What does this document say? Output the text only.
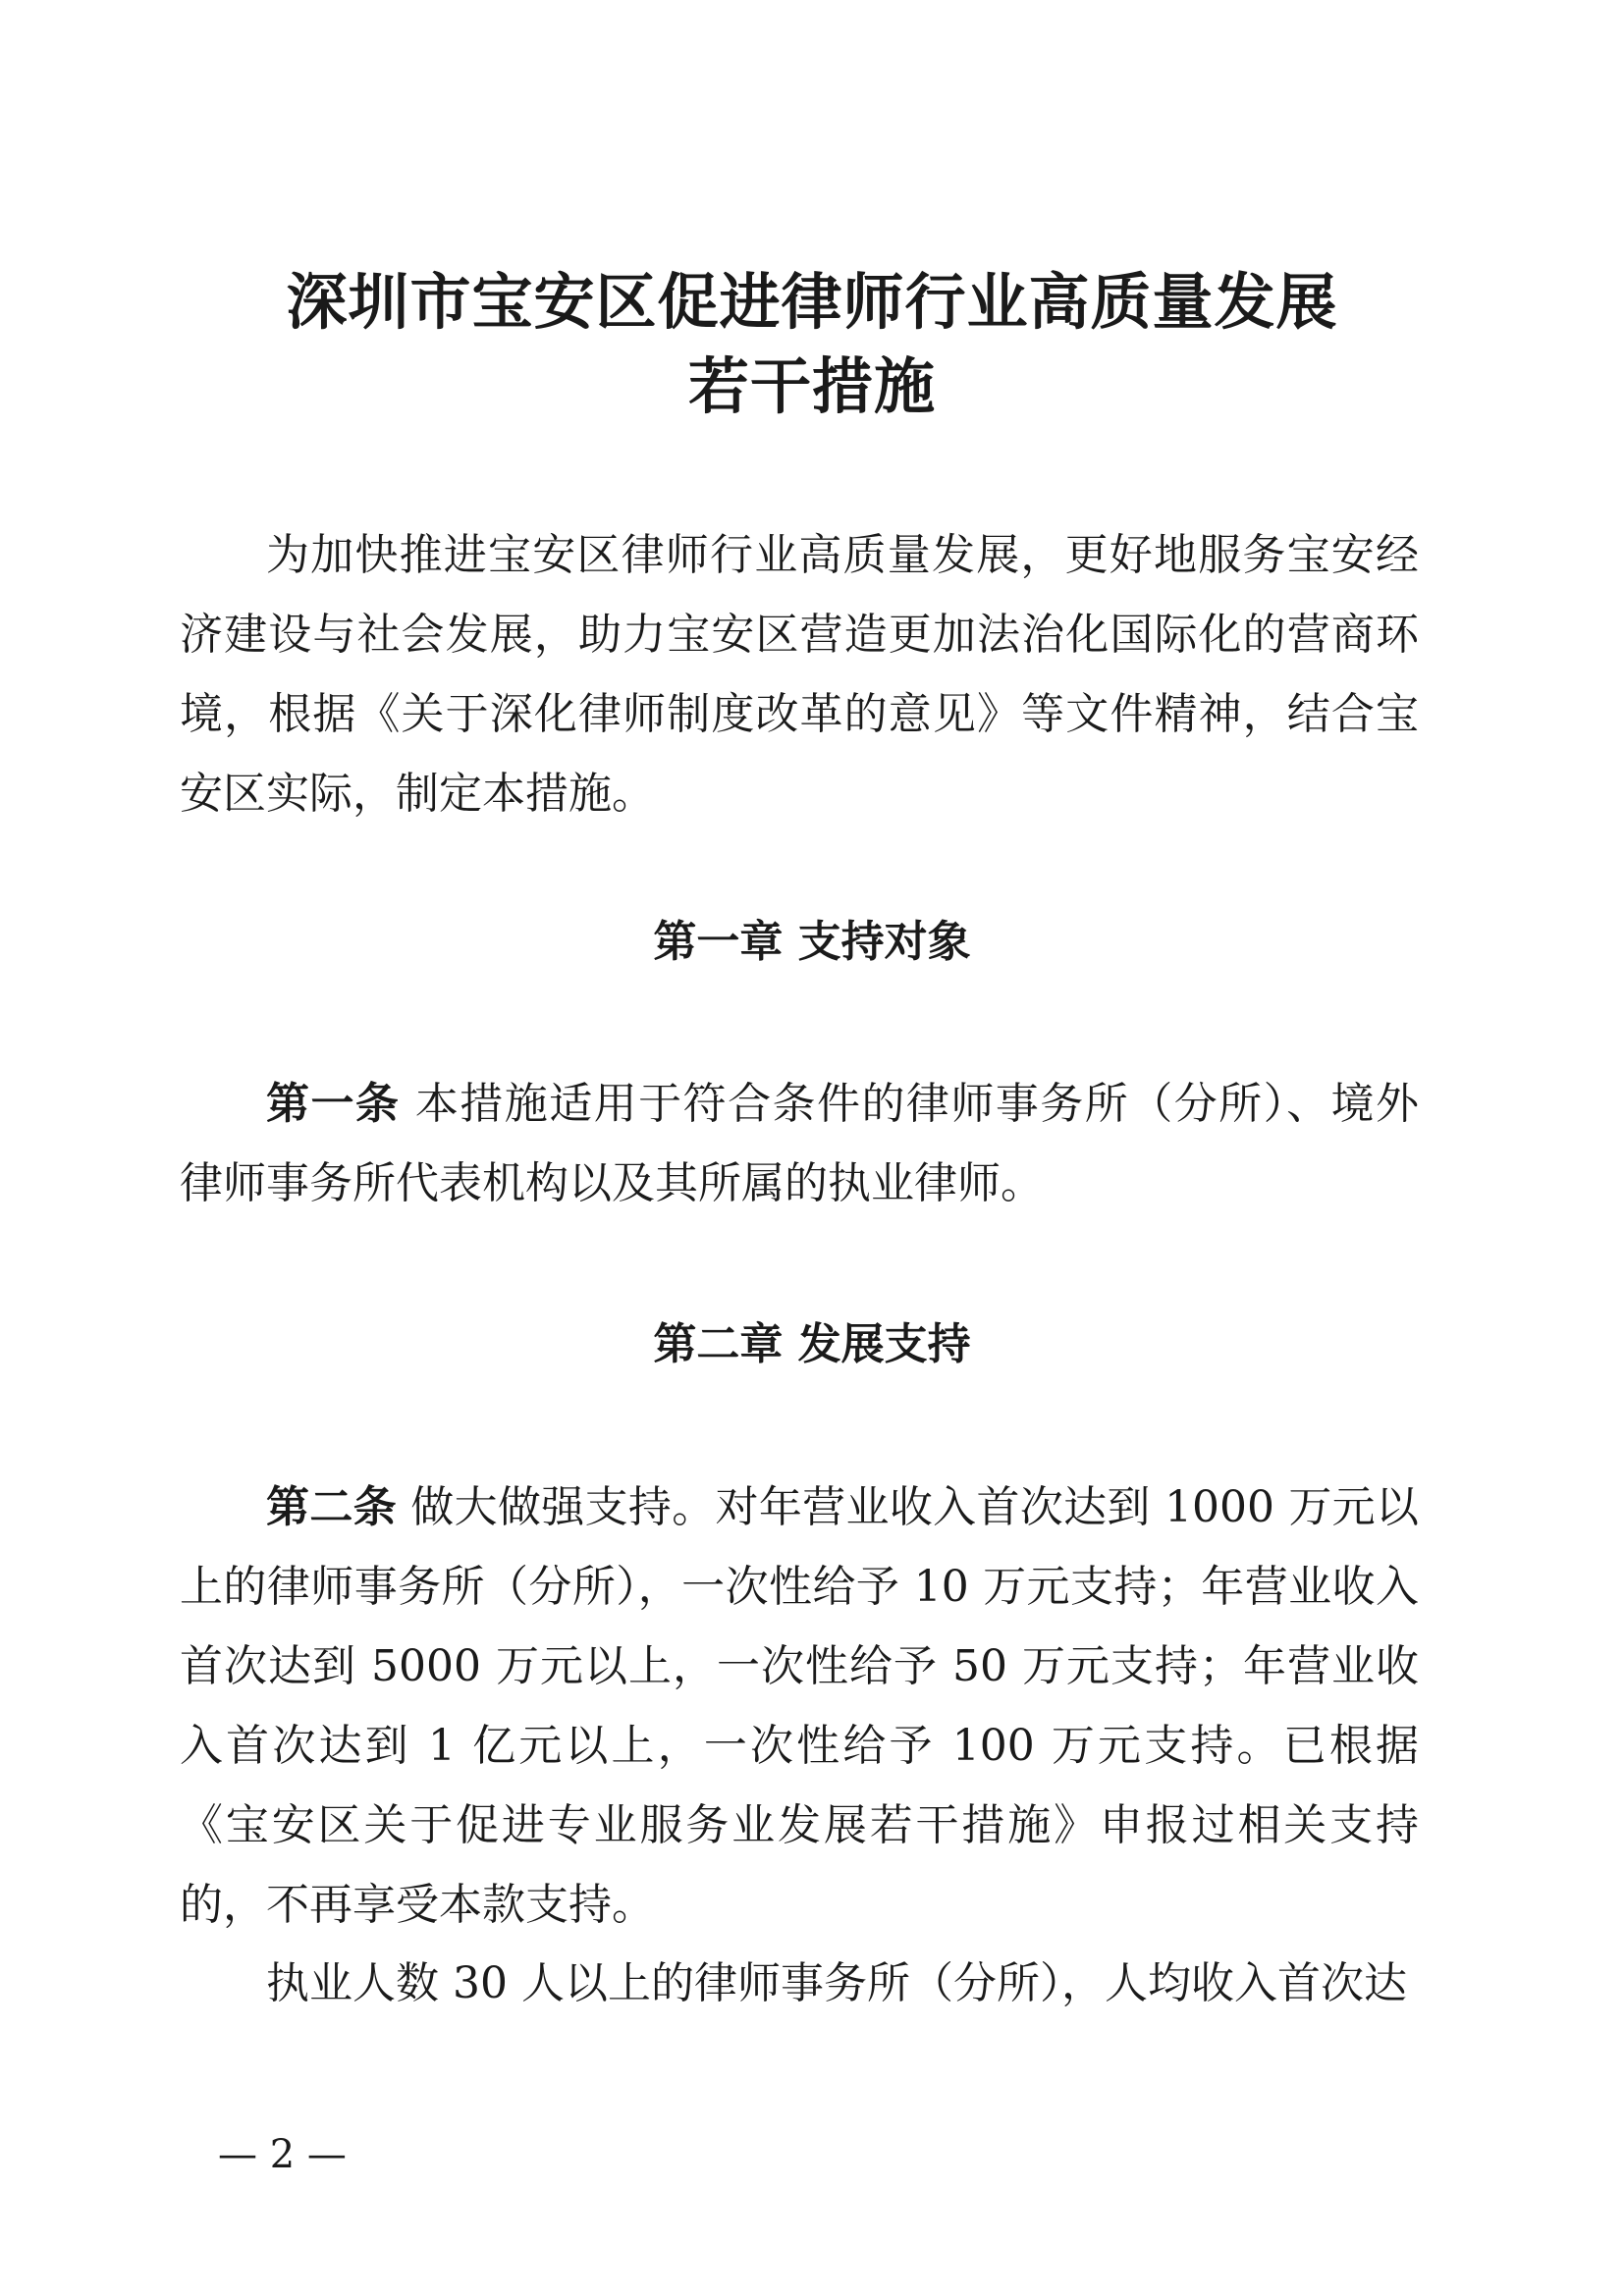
深圳市宝安区促进律师行业高质量发展
若干措施

为加快推进宝安区律师行业高质量发展，更好地服务宝安经济建设与社会发展，助力宝安区营造更加法治化国际化的营商环境，根据《关于深化律师制度改革的意见》等文件精神，结合宝安区实际，制定本措施。

第一章 支持对象

第一条 本措施适用于符合条件的律师事务所（分所）、境外律师事务所代表机构以及其所属的执业律师。

第二章 发展支持

第二条 做大做强支持。对年营业收入首次达到 1000 万元以上的律师事务所（分所），一次性给予 10 万元支持；年营业收入首次达到 5000 万元以上，一次性给予 50 万元支持；年营业收入首次达到 1 亿元以上，一次性给予 100 万元支持。已根据《宝安区关于促进专业服务业发展若干措施》申报过相关支持的，不再享受本款支持。

执业人数 30 人以上的律师事务所（分所），人均收入首次达

— 2 —
